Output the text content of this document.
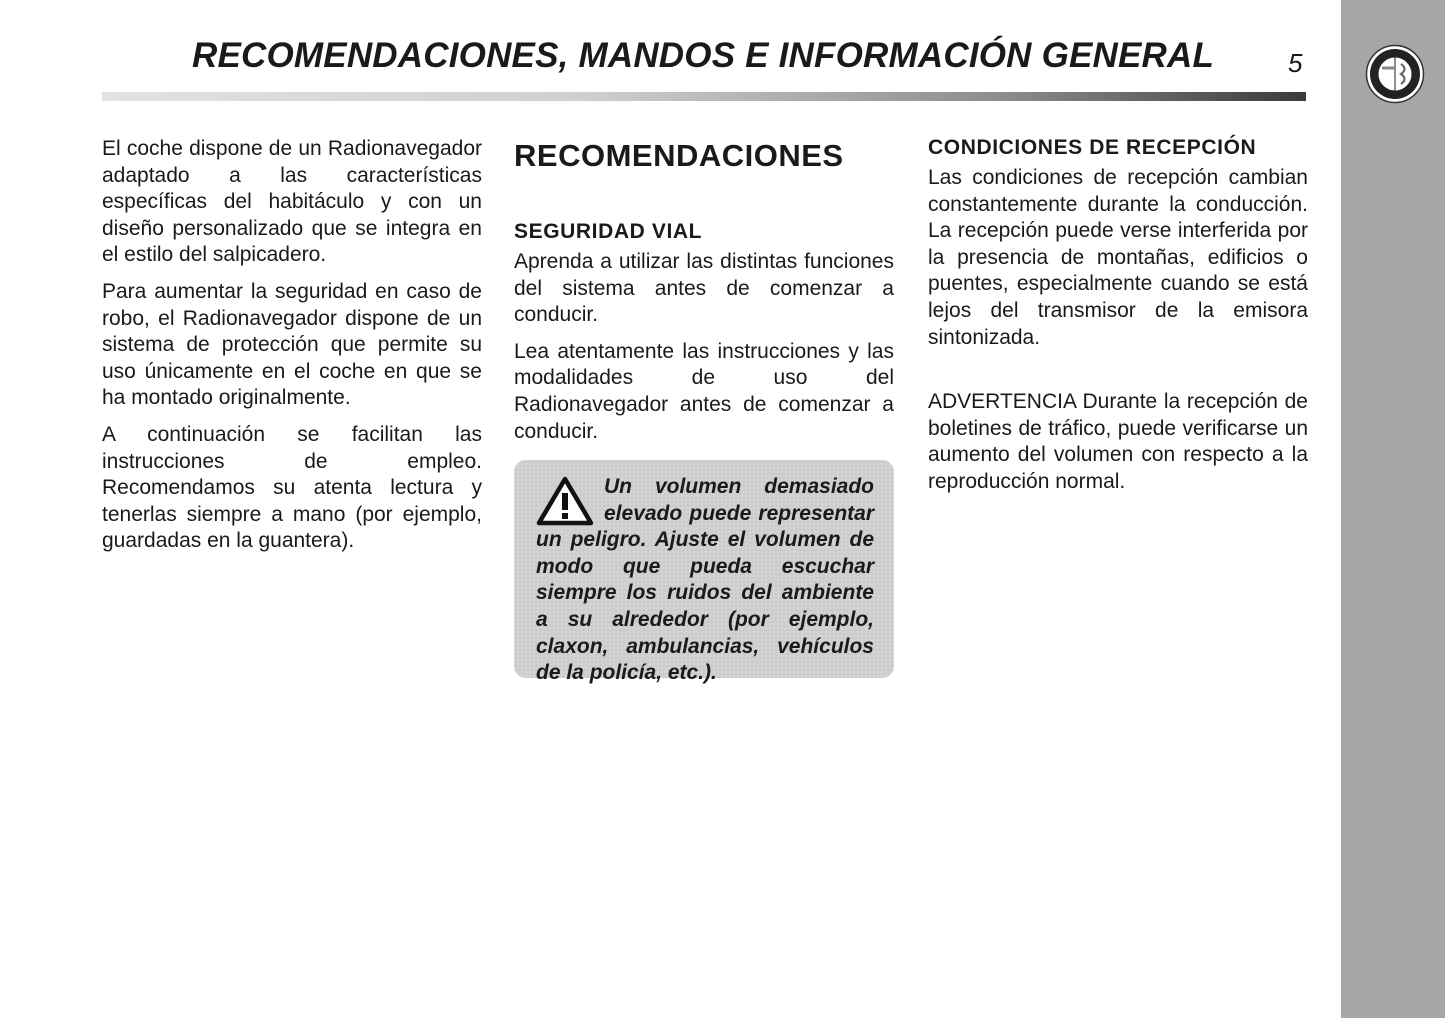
RECOMENDACIONES, MANDOS E INFORMACIÓN GENERAL	5

El coche dispone de un Radionavegador adaptado a las características específicas del habitáculo y con un diseño personalizado que se integra en el estilo del salpicadero.

Para aumentar la seguridad en caso de robo, el Radionavegador dispone de un sistema de protección que permite su uso únicamente en el coche en que se ha montado originalmente.

A continuación se facilitan las instrucciones de empleo. Recomendamos su atenta lectura y tenerlas siempre a mano (por ejemplo, guardadas en la guantera).

RECOMENDACIONES
SEGURIDAD VIAL

Aprenda a utilizar las distintas funciones del sistema antes de comenzar a conducir.

Lea atentamente las instrucciones y las modalidades de uso del Radionavegador antes de comenzar a conducir.

Un volumen demasiado elevado puede representar un peligro. Ajuste el volumen de modo que pueda escuchar siempre los ruidos del ambiente a su alrededor (por ejemplo, claxon, ambulancias, vehículos de la policía, etc.).

CONDICIONES DE RECEPCIÓN

Las condiciones de recepción cambian constantemente durante la conducción. La recepción puede verse interferida por la presencia de montañas, edificios o puentes, especialmente cuando se está lejos del transmisor de la emisora sintonizada.

ADVERTENCIA Durante la recepción de boletines de tráfico, puede verificarse un aumento del volumen con respecto a la reproducción normal.
